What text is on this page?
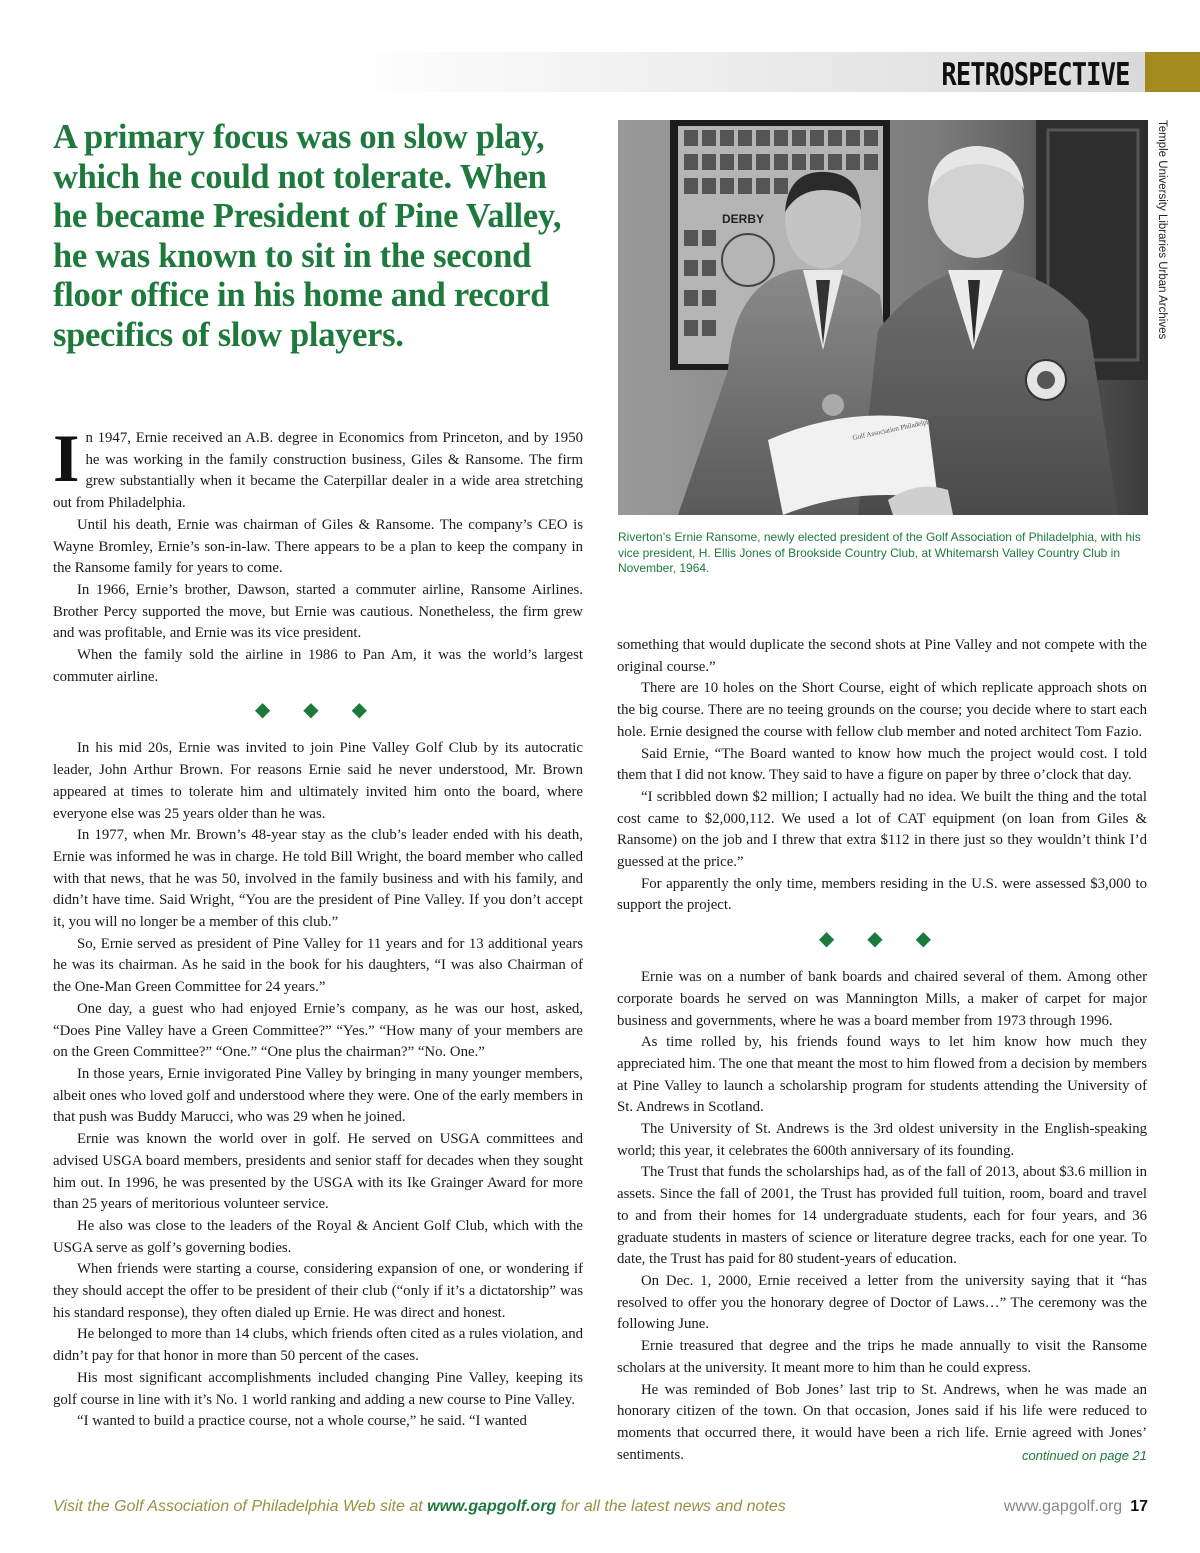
RETROSPECTIVE
Temple University Libraries Urban Archives

A primary focus was on slow play, which he could not tolerate. When he became President of Pine Valley, he was known to sit in the second floor office in his home and record specifics of slow players.

DERBY
Golf Association Philadelphia

Riverton’s Ernie Ransome, newly elected president of the Golf Association of Philadelphia, with his vice president, H. Ellis Jones of Brookside Country Club, at Whitemarsh Valley Country Club in November, 1964.

In 1947, Ernie received an A.B. degree in Economics from Princeton, and by 1950 he was working in the family construction business, Giles & Ransome. The firm grew substantially when it became the Caterpillar dealer in a wide area stretching out from Philadelphia.

Until his death, Ernie was chairman of Giles & Ransome. The company’s CEO is Wayne Bromley, Ernie’s son-in-law. There appears to be a plan to keep the company in the Ransome family for years to come.

In 1966, Ernie’s brother, Dawson, started a commuter airline, Ransome Airlines. Brother Percy supported the move, but Ernie was cautious. Nonetheless, the firm grew and was profitable, and Ernie was its vice president.

When the family sold the airline in 1986 to Pan Am, it was the world’s largest commuter airline.

◆ ◆ ◆

In his mid 20s, Ernie was invited to join Pine Valley Golf Club by its autocratic leader, John Arthur Brown. For reasons Ernie said he never understood, Mr. Brown appeared at times to tolerate him and ultimately invited him onto the board, where everyone else was 25 years older than he was.

In 1977, when Mr. Brown’s 48-year stay as the club’s leader ended with his death, Ernie was informed he was in charge. He told Bill Wright, the board member who called with that news, that he was 50, involved in the family business and with his family, and didn’t have time. Said Wright, “You are the president of Pine Valley. If you don’t accept it, you will no longer be a member of this club.”

So, Ernie served as president of Pine Valley for 11 years and for 13 additional years he was its chairman. As he said in the book for his daughters, “I was also Chairman of the One-Man Green Committee for 24 years.”

One day, a guest who had enjoyed Ernie’s company, as he was our host, asked, “Does Pine Valley have a Green Committee?” “Yes.” “How many of your members are on the Green Committee?” “One.” “One plus the chairman?” “No. One.”

In those years, Ernie invigorated Pine Valley by bringing in many younger members, albeit ones who loved golf and understood where they were. One of the early members in that push was Buddy Marucci, who was 29 when he joined.

Ernie was known the world over in golf. He served on USGA committees and advised USGA board members, presidents and senior staff for decades when they sought him out. In 1996, he was presented by the USGA with its Ike Grainger Award for more than 25 years of meritorious volunteer service.

He also was close to the leaders of the Royal & Ancient Golf Club, which with the USGA serve as golf’s governing bodies.

When friends were starting a course, considering expansion of one, or wondering if they should accept the offer to be president of their club (“only if it’s a dictatorship” was his standard response), they often dialed up Ernie. He was direct and honest.

He belonged to more than 14 clubs, which friends often cited as a rules violation, and didn’t pay for that honor in more than 50 percent of the cases.

His most significant accomplishments included changing Pine Valley, keeping its golf course in line with it’s No. 1 world ranking and adding a new course to Pine Valley.

“I wanted to build a practice course, not a whole course,” he said. “I wanted

something that would duplicate the second shots at Pine Valley and not compete with the original course.”

There are 10 holes on the Short Course, eight of which replicate approach shots on the big course. There are no teeing grounds on the course; you decide where to start each hole. Ernie designed the course with fellow club member and noted architect Tom Fazio.

Said Ernie, “The Board wanted to know how much the project would cost. I told them that I did not know. They said to have a figure on paper by three o’clock that day.

“I scribbled down $2 million; I actually had no idea. We built the thing and the total cost came to $2,000,112. We used a lot of CAT equipment (on loan from Giles & Ransome) on the job and I threw that extra $112 in there just so they wouldn’t think I’d guessed at the price.”

For apparently the only time, members residing in the U.S. were assessed $3,000 to support the project.

◆ ◆ ◆

Ernie was on a number of bank boards and chaired several of them. Among other corporate boards he served on was Mannington Mills, a maker of carpet for major business and governments, where he was a board member from 1973 through 1996.

As time rolled by, his friends found ways to let him know how much they appreciated him. The one that meant the most to him flowed from a decision by members at Pine Valley to launch a scholarship program for students attending the University of St. Andrews in Scotland.

The University of St. Andrews is the 3rd oldest university in the English-speaking world; this year, it celebrates the 600th anniversary of its founding.

The Trust that funds the scholarships had, as of the fall of 2013, about $3.6 million in assets. Since the fall of 2001, the Trust has provided full tuition, room, board and travel to and from their homes for 14 undergraduate students, each for four years, and 36 graduate students in masters of science or literature degree tracks, each for one year. To date, the Trust has paid for 80 student-years of education.

On Dec. 1, 2000, Ernie received a letter from the university saying that it “has resolved to offer you the honorary degree of Doctor of Laws…” The ceremony was the following June.

Ernie treasured that degree and the trips he made annually to visit the Ransome scholars at the university. It meant more to him than he could express.

He was reminded of Bob Jones’ last trip to St. Andrews, when he was made an honorary citizen of the town. On that occasion, Jones said if his life were reduced to moments that occurred there, it would have been a rich life. Ernie agreed with Jones’ sentiments.	continued on page 21

Visit the Golf Association of Philadelphia Web site at www.gapgolf.org for all the latest news and notes	www.gapgolf.org 17
